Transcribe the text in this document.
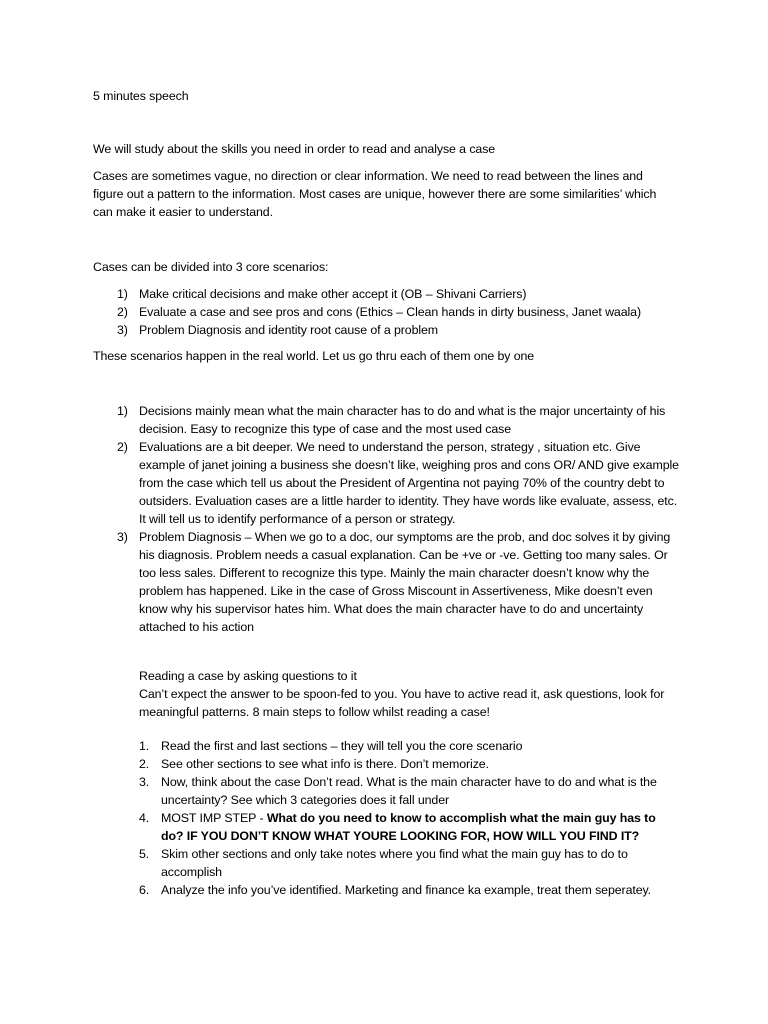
5 minutes speech

We will study about the skills you need in order to read and analyse a case

Cases are sometimes vague, no direction or clear information. We need to read between the lines and figure out a pattern to the information. Most cases are unique, however there are some similarities’ which can make it easier to understand.

Cases can be divided into 3 core scenarios:

1) Make critical decisions and make other accept it (OB – Shivani Carriers)
2) Evaluate a case and see pros and cons (Ethics – Clean hands in dirty business, Janet waala)
3) Problem Diagnosis and identity root cause of a problem

These scenarios happen in the real world. Let us go thru each of them one by one

1) Decisions mainly mean what the main character has to do and what is the major uncertainty of his decision. Easy to recognize this type of case and the most used case
2) Evaluations are a bit deeper. We need to understand the person, strategy , situation etc. Give example of janet joining a business she doesn’t like, weighing pros and cons OR/ AND give example from the case which tell us about the President of Argentina not paying 70% of the country debt to outsiders. Evaluation cases are a little harder to identity. They have words like evaluate, assess, etc. It will tell us to identify performance of a person or strategy.
3) Problem Diagnosis – When we go to a doc, our symptoms are the prob, and doc solves it by giving his diagnosis. Problem needs a casual explanation. Can be +ve or -ve. Getting too many sales. Or too less sales. Different to recognize this type. Mainly the main character doesn’t know why the problem has happened. Like in the case of Gross Miscount in Assertiveness, Mike doesn’t even know why his supervisor hates him. What does the main character have to do and uncertainty attached to his action

Reading a case by asking questions to it

Can’t expect the answer to be spoon-fed to you. You have to active read it, ask questions, look for meaningful patterns. 8 main steps to follow whilst reading a case!

1. Read the first and last sections – they will tell you the core scenario
2. See other sections to see what info is there. Don’t memorize.
3. Now, think about the case Don’t read. What is the main character have to do and what is the uncertainty? See which 3 categories does it fall under
4. MOST IMP STEP - What do you need to know to accomplish what the main guy has to do? IF YOU DON’T KNOW WHAT YOURE LOOKING FOR, HOW WILL YOU FIND IT?
5. Skim other sections and only take notes where you find what the main guy has to do to accomplish
6. Analyze the info you’ve identified. Marketing and finance ka example, treat them seperatey.
